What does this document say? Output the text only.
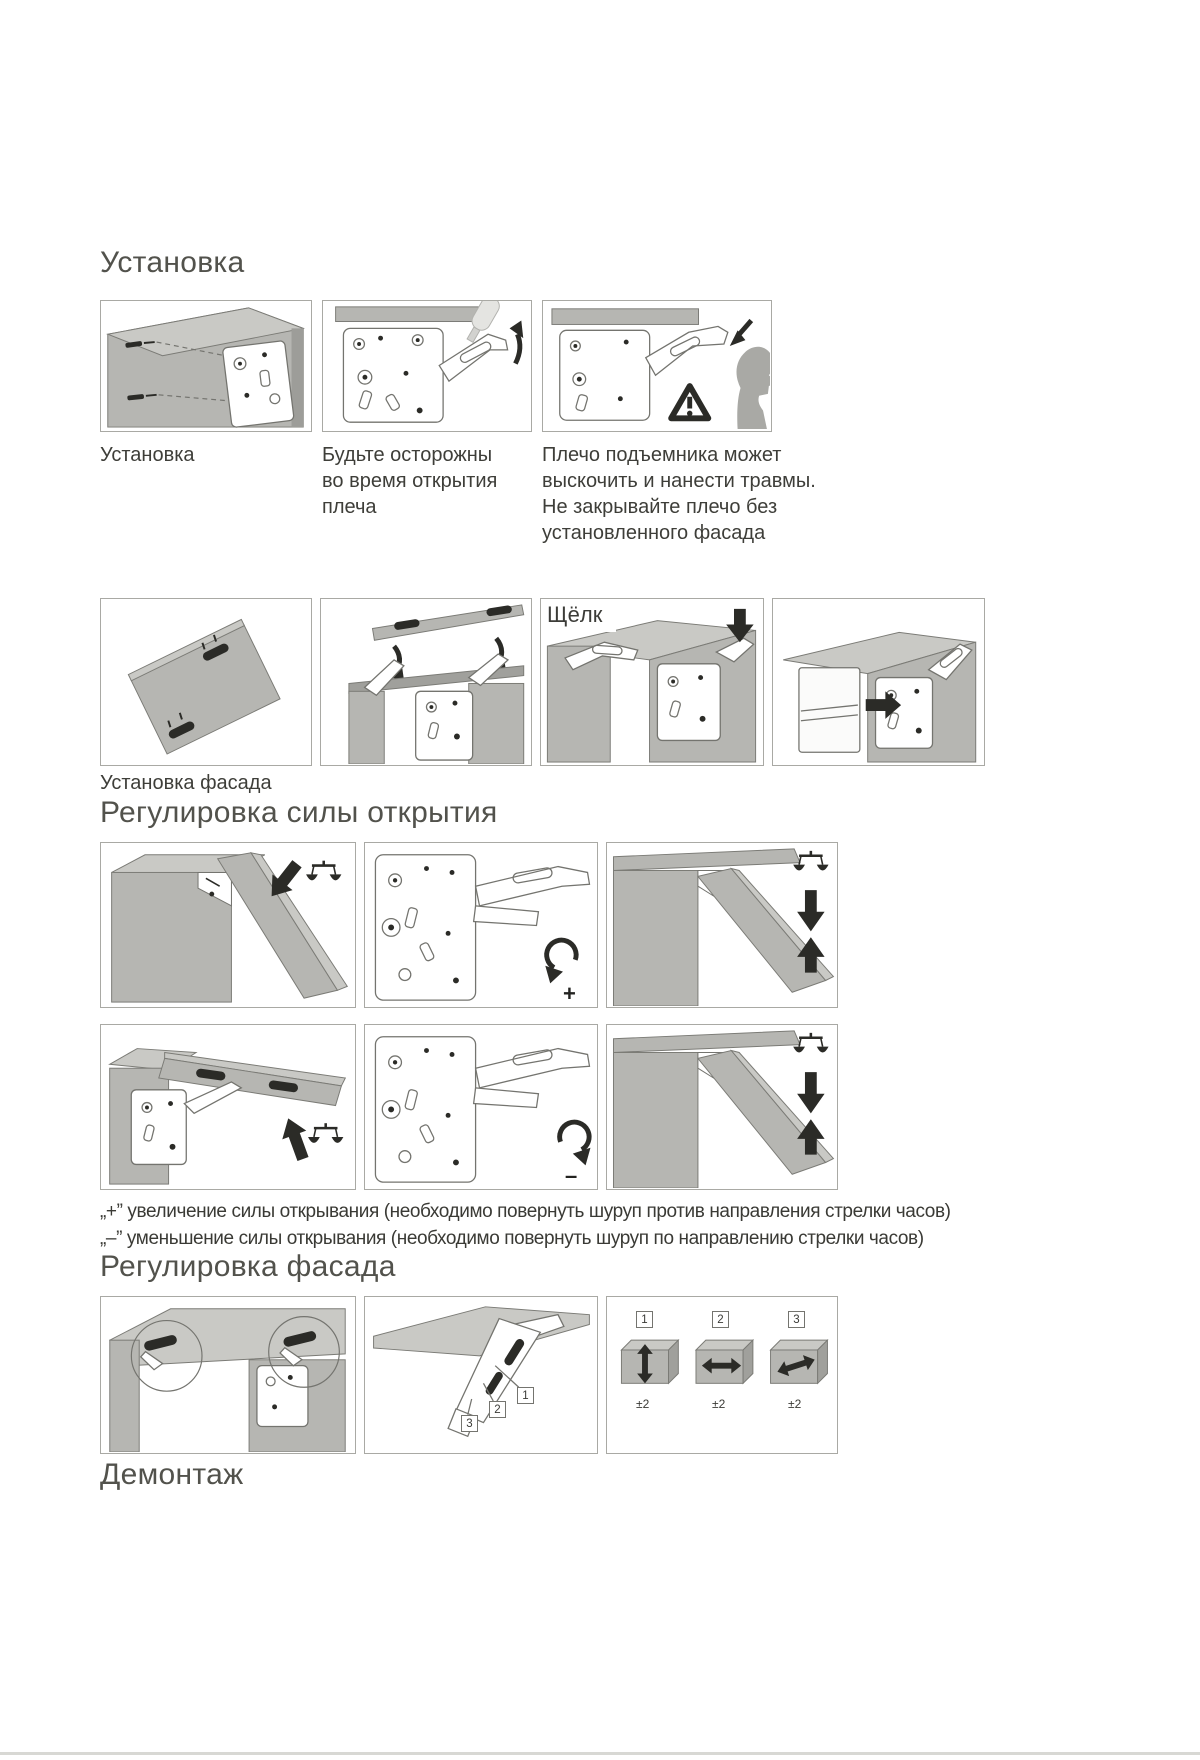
Установка
Установка	Будьте осторожны
во время открытия
плеча
Плечо подъемника может
выскочить и нанести травмы.
Не закрывайте плечо без
установленного фасада
Щёлк
Установка фасада
Регулировка силы открытия
+
–
„+” увеличение силы открывания (необходимо повернуть шуруп против направления стрелки часов)
„–” уменьшение силы открывания (необходимо повернуть шуруп по направлению стрелки часов)
Регулировка фасада
3
2
1
1	2	3
±2	±2	±2
Демонтаж
